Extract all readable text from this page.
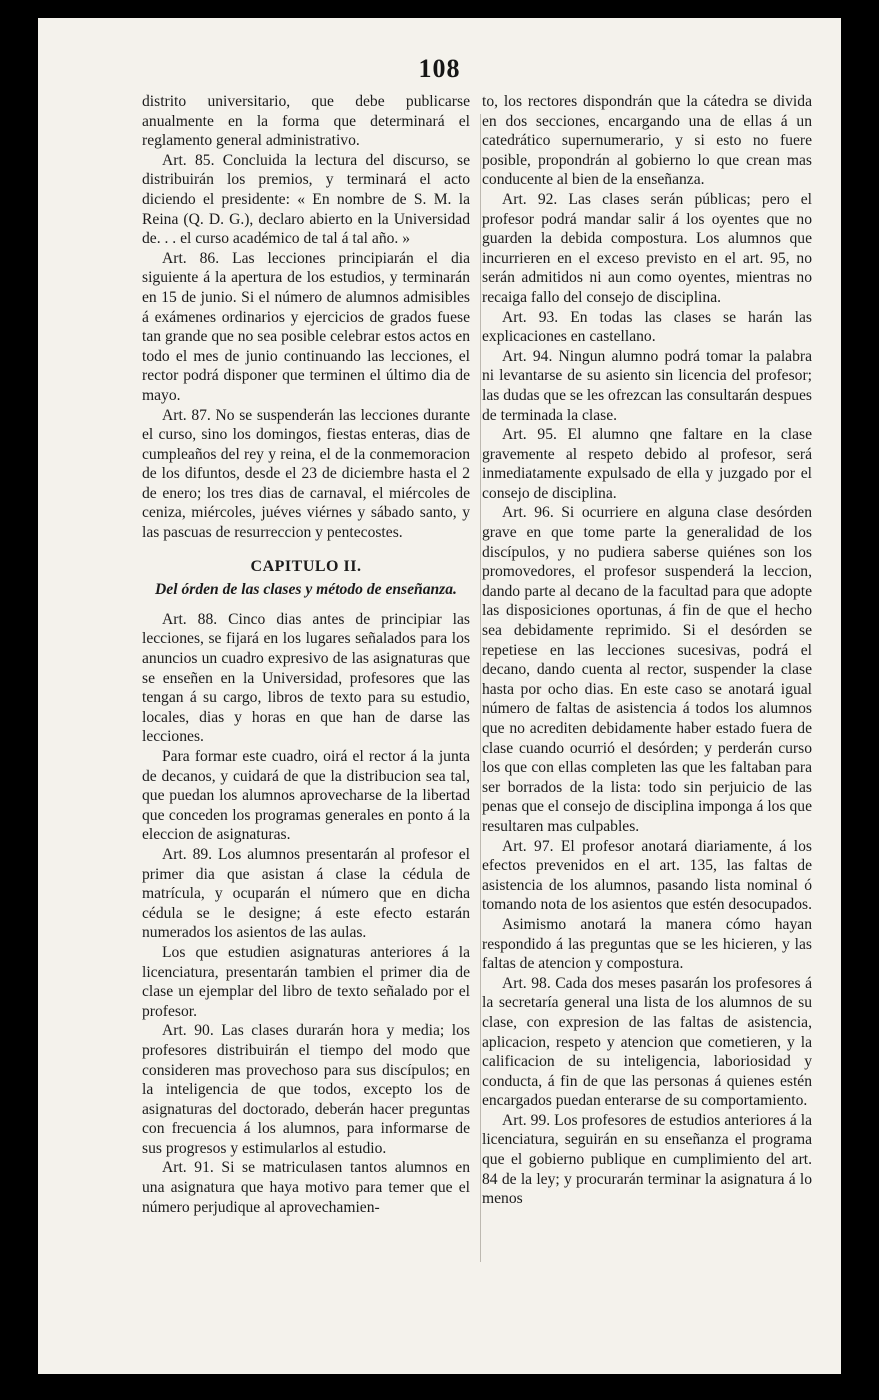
108

distrito universitario, que debe publicarse anualmente en la forma que determinará el reglamento general administrativo.

Art. 85. Concluida la lectura del discurso, se distribuirán los premios, y terminará el acto diciendo el presidente: « En nombre de S. M. la Reina (Q. D. G.), declaro abierto en la Universidad de. . . el curso académico de tal á tal año. »

Art. 86. Las lecciones principiarán el dia siguiente á la apertura de los estudios, y terminarán en 15 de junio. Si el número de alumnos admisibles á exámenes ordinarios y ejercicios de grados fuese tan grande que no sea posible celebrar estos actos en todo el mes de junio continuando las lecciones, el rector podrá disponer que terminen el último dia de mayo.

Art. 87. No se suspenderán las lecciones durante el curso, sino los domingos, fiestas enteras, dias de cumpleaños del rey y reina, el de la conmemoracion de los difuntos, desde el 23 de diciembre hasta el 2 de enero; los tres dias de carnaval, el miércoles de ceniza, miércoles, juéves viérnes y sábado santo, y las pascuas de resurreccion y pentecostes.

CAPITULO II.
Del órden de las clases y método de enseñanza.

Art. 88. Cinco dias antes de principiar las lecciones, se fijará en los lugares señalados para los anuncios un cuadro expresivo de las asignaturas que se enseñen en la Universidad, profesores que las tengan á su cargo, libros de texto para su estudio, locales, dias y horas en que han de darse las lecciones.

Para formar este cuadro, oirá el rector á la junta de decanos, y cuidará de que la distribucion sea tal, que puedan los alumnos aprovecharse de la libertad que conceden los programas generales en ponto á la eleccion de asignaturas.

Art. 89. Los alumnos presentarán al profesor el primer dia que asistan á clase la cédula de matrícula, y ocuparán el número que en dicha cédula se le designe; á este efecto estarán numerados los asientos de las aulas.

Los que estudien asignaturas anteriores á la licenciatura, presentarán tambien el primer dia de clase un ejemplar del libro de texto señalado por el profesor.

Art. 90. Las clases durarán hora y media; los profesores distribuirán el tiempo del modo que consideren mas provechoso para sus discípulos; en la inteligencia de que todos, excepto los de asignaturas del doctorado, deberán hacer preguntas con frecuencia á los alumnos, para informarse de sus progresos y estimularlos al estudio.

Art. 91. Si se matriculasen tantos alumnos en una asignatura que haya motivo para temer que el número perjudique al aprovechamien-

to, los rectores dispondrán que la cátedra se divida en dos secciones, encargando una de ellas á un catedrático supernumerario, y si esto no fuere posible, propondrán al gobierno lo que crean mas conducente al bien de la enseñanza.

Art. 92. Las clases serán públicas; pero el profesor podrá mandar salir á los oyentes que no guarden la debida compostura. Los alumnos que incurrieren en el exceso previsto en el art. 95, no serán admitidos ni aun como oyentes, mientras no recaiga fallo del consejo de disciplina.

Art. 93. En todas las clases se harán las explicaciones en castellano.

Art. 94. Ningun alumno podrá tomar la palabra ni levantarse de su asiento sin licencia del profesor; las dudas que se les ofrezcan las consultarán despues de terminada la clase.

Art. 95. El alumno qne faltare en la clase gravemente al respeto debido al profesor, será inmediatamente expulsado de ella y juzgado por el consejo de disciplina.

Art. 96. Si ocurriere en alguna clase desórden grave en que tome parte la generalidad de los discípulos, y no pudiera saberse quiénes son los promovedores, el profesor suspenderá la leccion, dando parte al decano de la facultad para que adopte las disposiciones oportunas, á fin de que el hecho sea debidamente reprimido. Si el desórden se repetiese en las lecciones sucesivas, podrá el decano, dando cuenta al rector, suspender la clase hasta por ocho dias. En este caso se anotará igual número de faltas de asistencia á todos los alumnos que no acrediten debidamente haber estado fuera de clase cuando ocurrió el desórden; y perderán curso los que con ellas completen las que les faltaban para ser borrados de la lista: todo sin perjuicio de las penas que el consejo de disciplina imponga á los que resultaren mas culpables.

Art. 97. El profesor anotará diariamente, á los efectos prevenidos en el art. 135, las faltas de asistencia de los alumnos, pasando lista nominal ó tomando nota de los asientos que estén desocupados.

Asimismo anotará la manera cómo hayan respondido á las preguntas que se les hicieren, y las faltas de atencion y compostura.

Art. 98. Cada dos meses pasarán los profesores á la secretaría general una lista de los alumnos de su clase, con expresion de las faltas de asistencia, aplicacion, respeto y atencion que cometieren, y la calificacion de su inteligencia, laboriosidad y conducta, á fin de que las personas á quienes estén encargados puedan enterarse de su comportamiento.

Art. 99. Los profesores de estudios anteriores á la licenciatura, seguirán en su enseñanza el programa que el gobierno publique en cumplimiento del art. 84 de la ley; y procurarán terminar la asignatura á lo menos
